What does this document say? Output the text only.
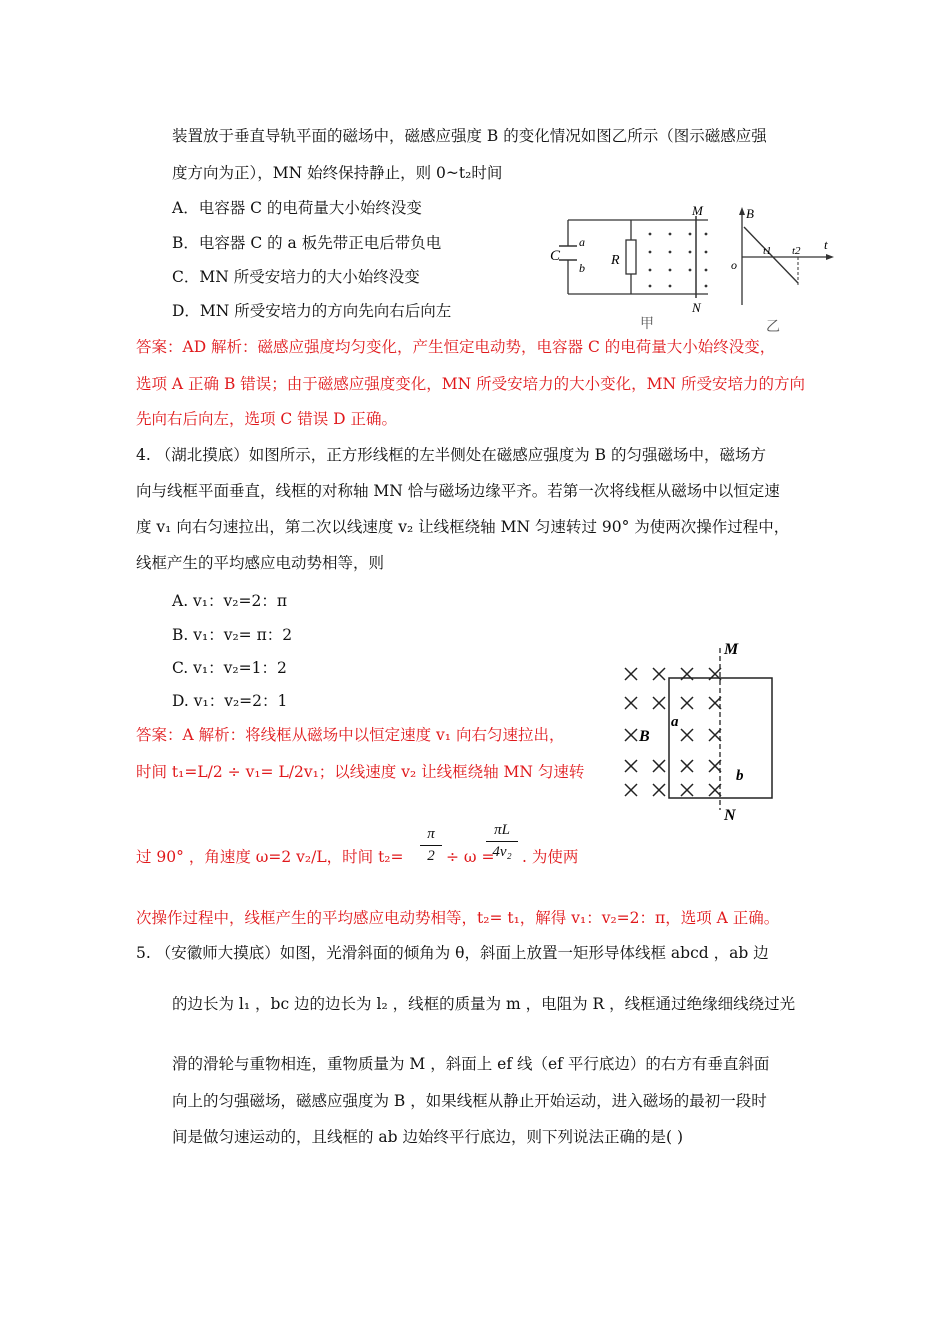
装置放于垂直导轨平面的磁场中，磁感应强度 B 的变化情况如图乙所示（图示磁感应强
度方向为正），MN 始终保持静止，则 0~t₂时间
A．电容器 C 的电荷量大小始终没变
B．电容器 C 的 a 板先带正电后带负电
C．MN 所受安培力的大小始终没变
D．MN 所受安培力的方向先向右后向左
C
a
b R
M
N
甲
B
o
t1 t2 t
乙
答案：AD 解析：磁感应强度均匀变化，产生恒定电动势，电容器 C 的电荷量大小始终没变，
选项 A 正确 B 错误；由于磁感应强度变化，MN 所受安培力的大小变化，MN 所受安培力的方向
先向右后向左，选项 C 错误 D 正确。
4. （湖北摸底）如图所示，正方形线框的左半侧处在磁感应强度为 B 的匀强磁场中，磁场方
向与线框平面垂直，线框的对称轴 MN 恰与磁场边缘平齐。若第一次将线框从磁场中以恒定速
度 v₁ 向右匀速拉出，第二次以线速度 v₂ 让线框绕轴 MN 匀速转过 90° 为使两次操作过程中，
线框产生的平均感应电动势相等，则
A. v₁：v₂=2：π
B. v₁：v₂= π：2
C. v₁：v₂=1：2
D. v₁：v₂=2：1
M
N
B
a
b
答案：A 解析：将线框从磁场中以恒定速度 v₁ 向右匀速拉出，
时间 t₁=L/2 ÷ v₁= L/2v₁；以线速度 v₂ 让线框绕轴 MN 匀速转
过 90° ，角速度 ω=2 v₂/L，时间 t₂=
π
2 ÷ ω =
πL
4v₂ . 为使两
次操作过程中，线框产生的平均感应电动势相等，t₂= t₁，解得 v₁：v₂=2：π，选项 A 正确。
5. （安徽师大摸底）如图，光滑斜面的倾角为 θ，斜面上放置一矩形导体线框 abcd ，ab 边
的边长为 l₁ ，bc 边的边长为 l₂ ，线框的质量为 m ，电阻为 R ，线框通过绝缘细线绕过光
滑的滑轮与重物相连，重物质量为 M ，斜面上 ef 线（ef 平行底边）的右方有垂直斜面
向上的匀强磁场，磁感应强度为 B ，如果线框从静止开始运动，进入磁场的最初一段时
间是做匀速运动的，且线框的 ab 边始终平行底边，则下列说法正确的是( )
